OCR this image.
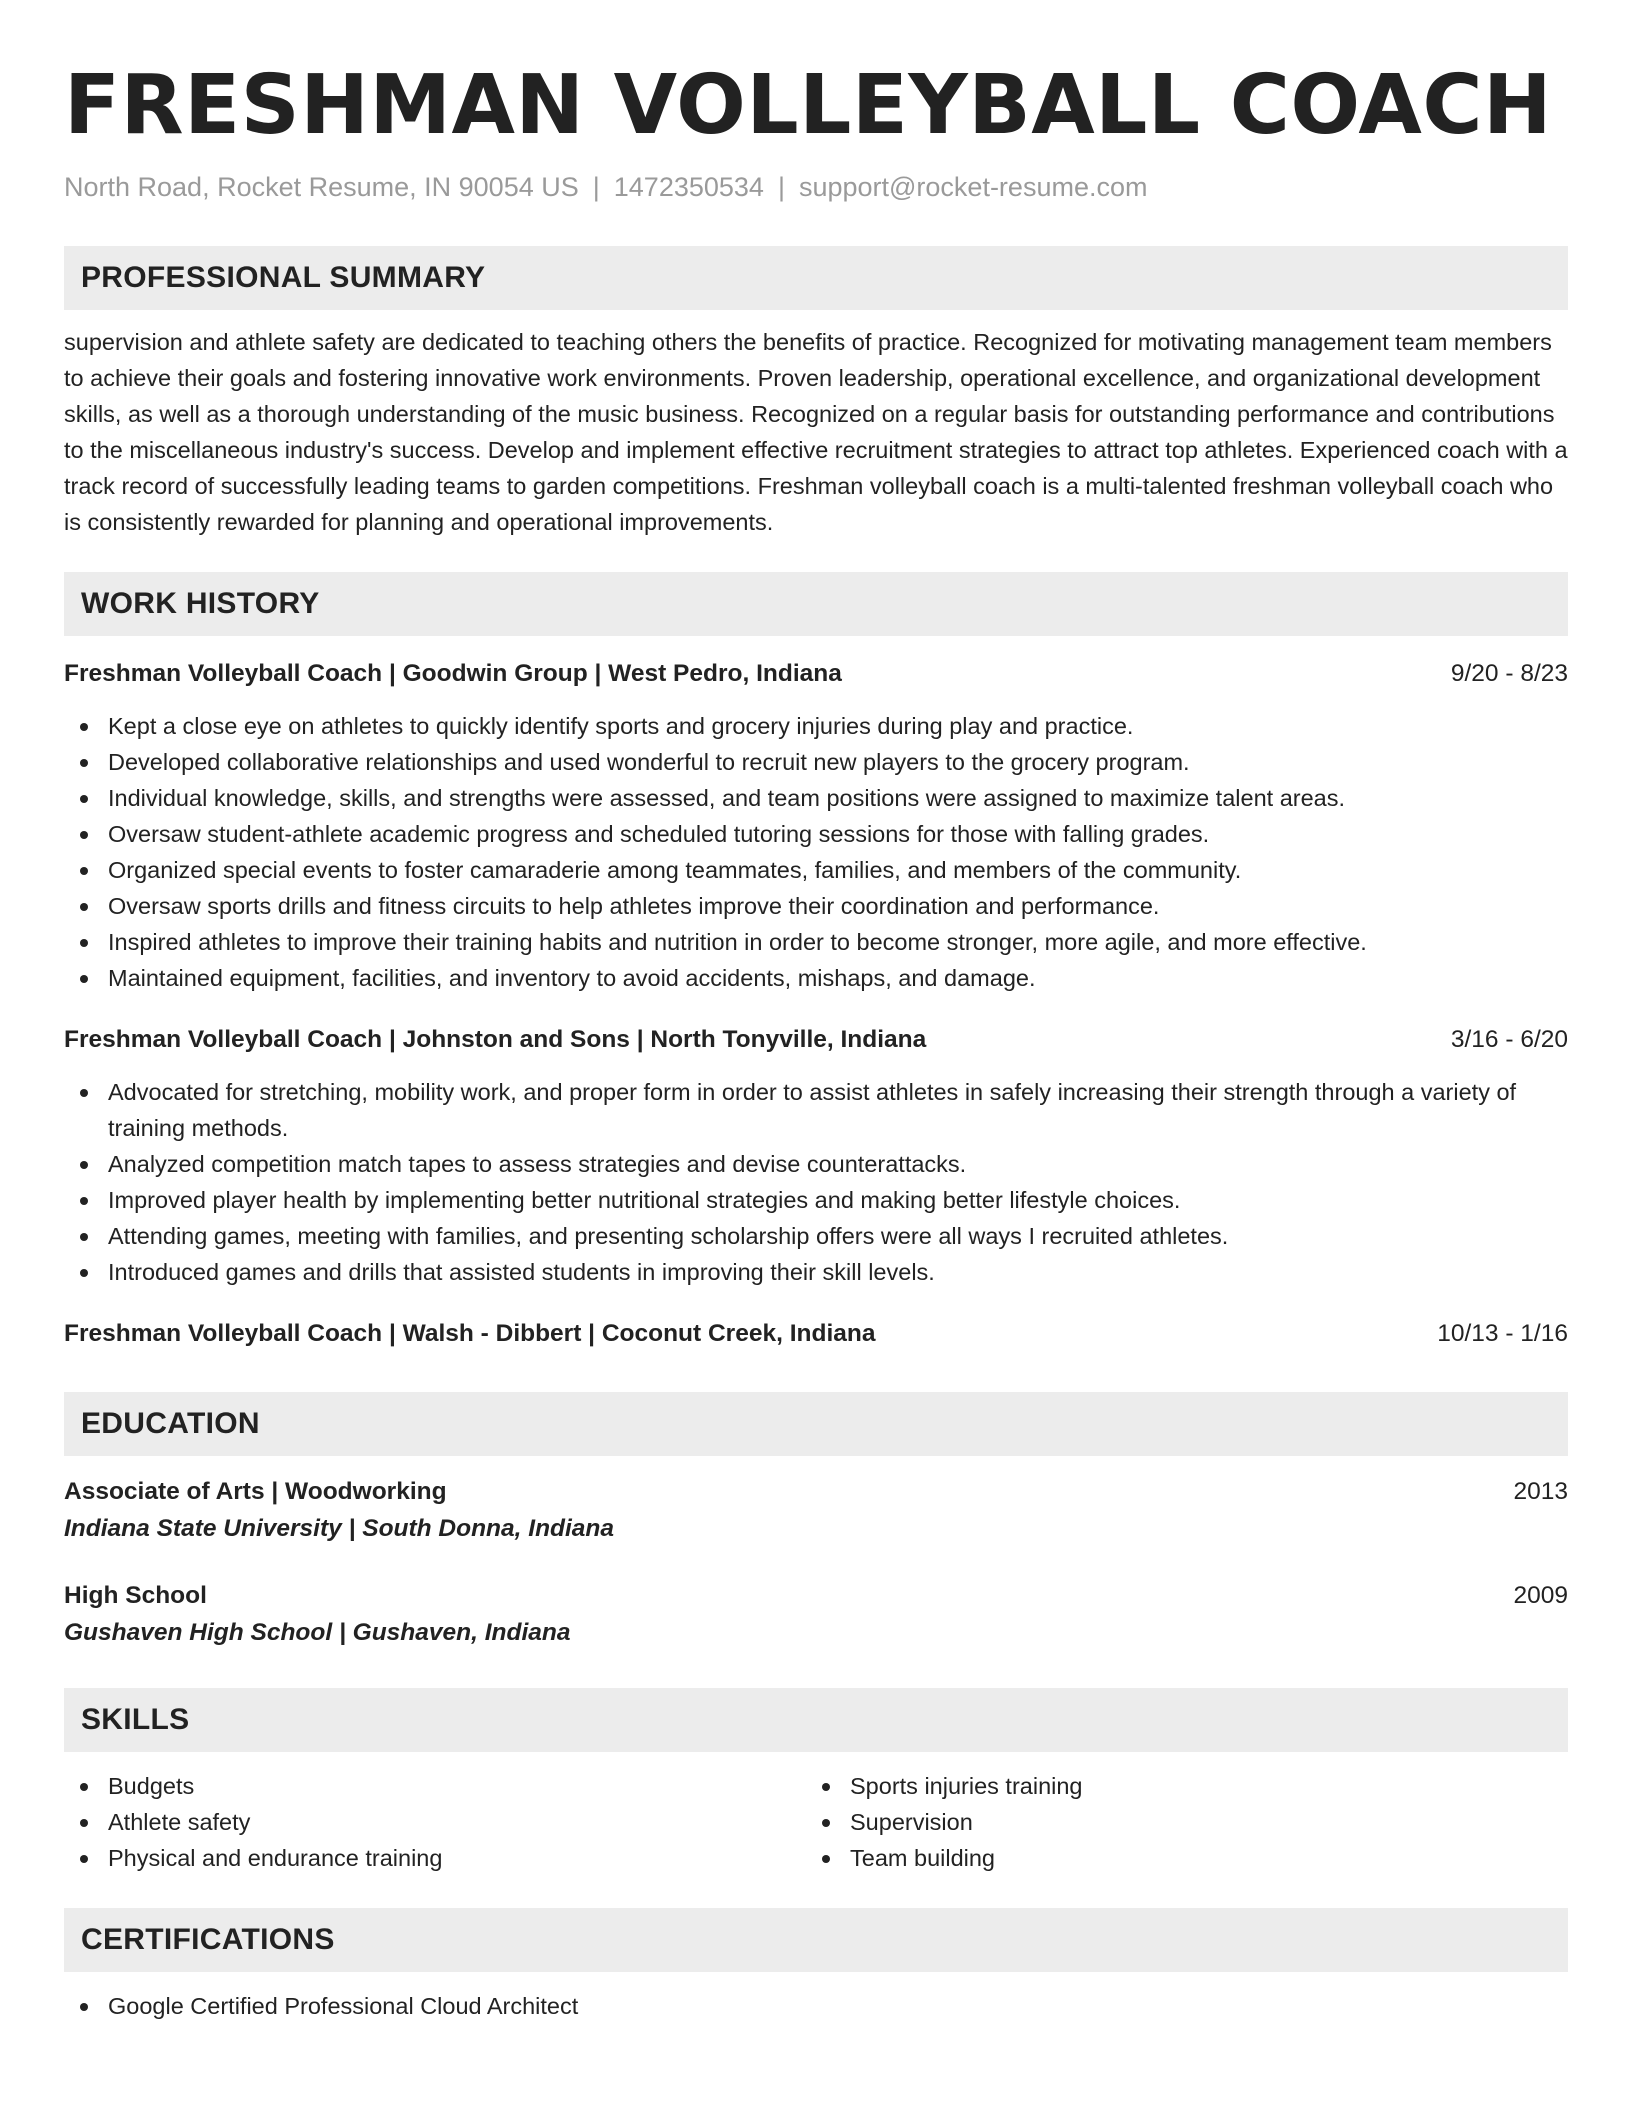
FRESHMAN VOLLEYBALL COACH
North Road, Rocket Resume, IN 90054 US | 1472350534 | support@rocket-resume.com
PROFESSIONAL SUMMARY

supervision and athlete safety are dedicated to teaching others the benefits of practice. Recognized for motivating management team members to achieve their goals and fostering innovative work environments. Proven leadership, operational excellence, and organizational development skills, as well as a thorough understanding of the music business. Recognized on a regular basis for outstanding performance and contributions to the miscellaneous industry's success. Develop and implement effective recruitment strategies to attract top athletes. Experienced coach with a track record of successfully leading teams to garden competitions. Freshman volleyball coach is a multi-talented freshman volleyball coach who is consistently rewarded for planning and operational improvements.

WORK HISTORY
Freshman Volleyball Coach | Goodwin Group | West Pedro, Indiana	9/20 - 8/23
Kept a close eye on athletes to quickly identify sports and grocery injuries during play and practice.
Developed collaborative relationships and used wonderful to recruit new players to the grocery program.
Individual knowledge, skills, and strengths were assessed, and team positions were assigned to maximize talent areas.
Oversaw student-athlete academic progress and scheduled tutoring sessions for those with falling grades.
Organized special events to foster camaraderie among teammates, families, and members of the community.
Oversaw sports drills and fitness circuits to help athletes improve their coordination and performance.
Inspired athletes to improve their training habits and nutrition in order to become stronger, more agile, and more effective.
Maintained equipment, facilities, and inventory to avoid accidents, mishaps, and damage.
Freshman Volleyball Coach | Johnston and Sons | North Tonyville, Indiana	3/16 - 6/20
Advocated for stretching, mobility work, and proper form in order to assist athletes in safely increasing their strength through a variety of training methods.
Analyzed competition match tapes to assess strategies and devise counterattacks.
Improved player health by implementing better nutritional strategies and making better lifestyle choices.
Attending games, meeting with families, and presenting scholarship offers were all ways I recruited athletes.
Introduced games and drills that assisted students in improving their skill levels.
Freshman Volleyball Coach | Walsh - Dibbert | Coconut Creek, Indiana	10/13 - 1/16
EDUCATION
Associate of Arts | Woodworking	2013
Indiana State University | South Donna, Indiana
High School	2009
Gushaven High School | Gushaven, Indiana
SKILLS
Budgets
Athlete safety
Physical and endurance training
Sports injuries training
Supervision
Team building
CERTIFICATIONS
Google Certified Professional Cloud Architect
